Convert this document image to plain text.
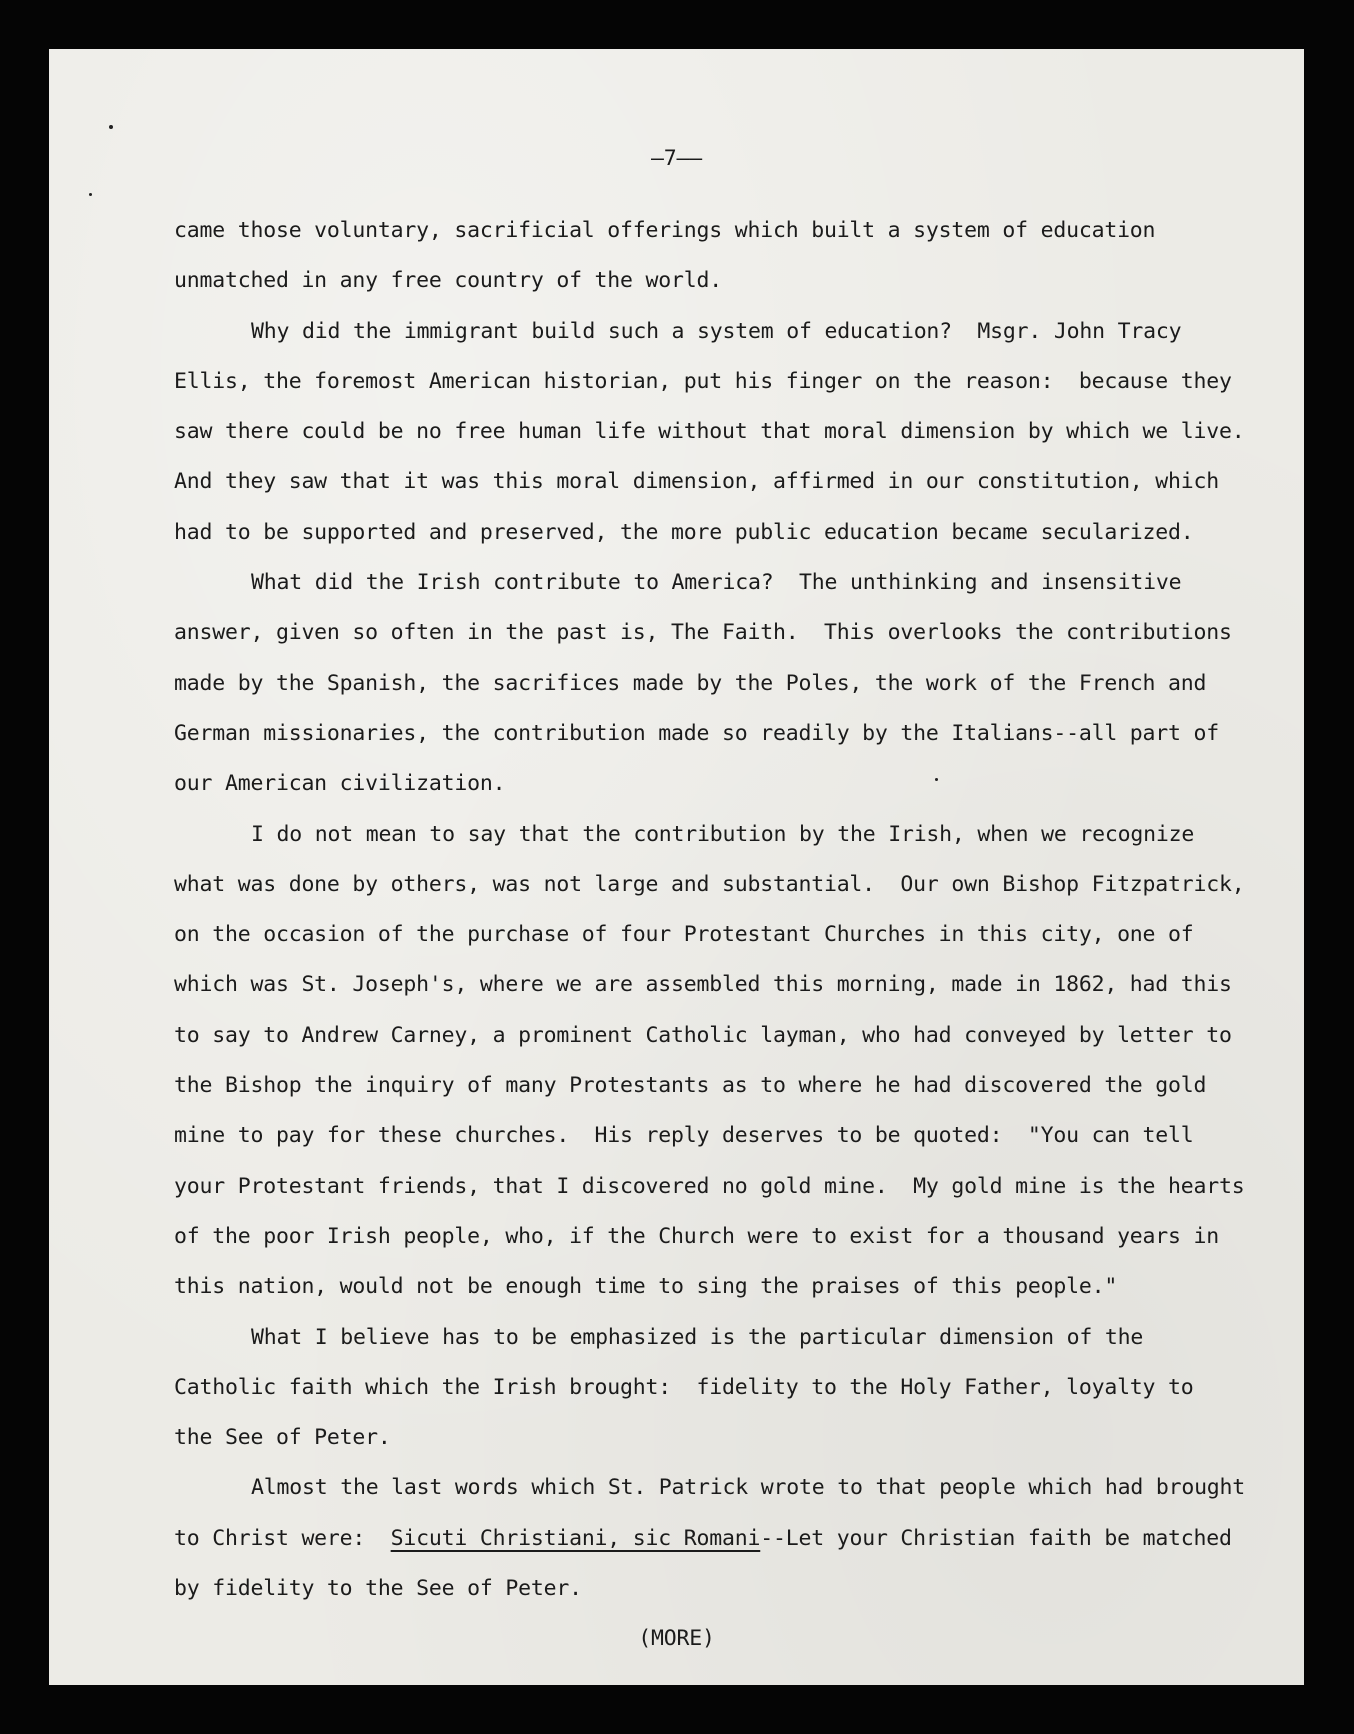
—7——

came those voluntary, sacrificial offerings which built a system of education
unmatched in any free country of the world.
Why did the immigrant build such a system of education?  Msgr. John Tracy
Ellis, the foremost American historian, put his finger on the reason:  because they
saw there could be no free human life without that moral dimension by which we live.
And they saw that it was this moral dimension, affirmed in our constitution, which
had to be supported and preserved, the more public education became secularized.
What did the Irish contribute to America?  The unthinking and insensitive
answer, given so often in the past is, The Faith.  This overlooks the contributions
made by the Spanish, the sacrifices made by the Poles, the work of the French and
German missionaries, the contribution made so readily by the Italians--all part of
our American civilization.
I do not mean to say that the contribution by the Irish, when we recognize
what was done by others, was not large and substantial.  Our own Bishop Fitzpatrick,
on the occasion of the purchase of four Protestant Churches in this city, one of
which was St. Joseph's, where we are assembled this morning, made in 1862, had this
to say to Andrew Carney, a prominent Catholic layman, who had conveyed by letter to
the Bishop the inquiry of many Protestants as to where he had discovered the gold
mine to pay for these churches.  His reply deserves to be quoted:  "You can tell
your Protestant friends, that I discovered no gold mine.  My gold mine is the hearts
of the poor Irish people, who, if the Church were to exist for a thousand years in
this nation, would not be enough time to sing the praises of this people."
What I believe has to be emphasized is the particular dimension of the
Catholic faith which the Irish brought:  fidelity to the Holy Father, loyalty to
the See of Peter.
Almost the last words which St. Patrick wrote to that people which had brought
to Christ were:  Sicuti Christiani, sic Romani--Let your Christian faith be matched
by fidelity to the See of Peter.

(MORE)
